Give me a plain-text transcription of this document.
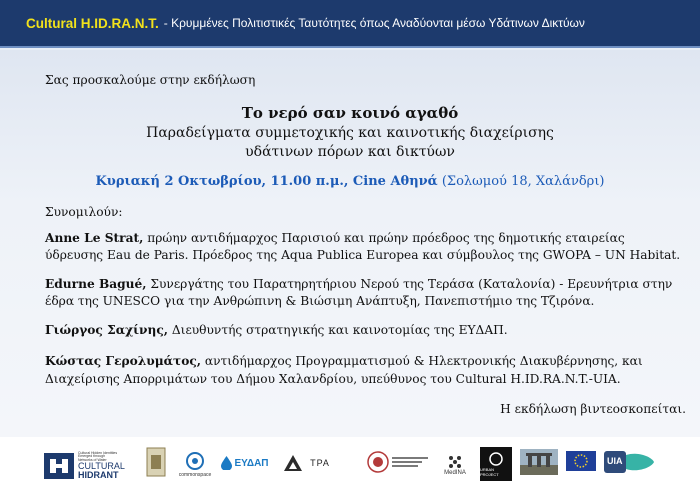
Cultural H.ID.RA.N.T. - Κρυμμένες Πολιτιστικές Ταυτότητες όπως Αναδύονται μέσω Υδάτινων Δικτύων
Σας προσκαλούμε στην εκδήλωση
Το νερό σαν κοινό αγαθό
Παραδείγματα συμμετοχικής και καινοτικής διαχείρισης
υδάτινων πόρων και δικτύων
Κυριακή 2 Οκτωβρίου, 11.00 π.μ., Cine Αθηνά (Σολωμού 18, Χαλάνδρι)
Συνομιλούν:
Anne Le Strat, πρώην αντιδήμαρχος Παρισιού και πρώην πρόεδρος της δημοτικής εταιρείας
ύδρευσης Eau de Paris. Πρόεδρος της Aqua Publica Europea και σύμβουλος της GWOPA – UN Habitat.
Edurne Bagué, Συνεργάτης του Παρατηρητήριου Νερού της Τεράσα (Καταλονία) - Ερευνήτρια στην
έδρα της UNESCO για την Ανθρώπινη & Βιώσιμη Ανάπτυξη, Πανεπιστήμιο της Τζιρόνα.
Γιώργος Σαχίνης, Διευθυντής στρατηγικής και καινοτομίας της ΕΥΔΑΠ.
Κώστας Γερολυμάτος, αντιδήμαρχος Προγραμματισμού & Ηλεκτρονικής Διακυβέρνησης, και
Διαχείρισης Απορριμάτων του Δήμου Χαλανδρίου, υπεύθυνος του Cultural H.ID.RA.N.T.-UIA.
Η εκδήλωση βιντεοσκοπείται.
Cultural Hidden Identities Emerged through Networks of Water
CULTURAL
HIDRANT	commonspace
ΕΥΔΑΠ	TPA
MedINA
URBAN PROJECT
UIA
